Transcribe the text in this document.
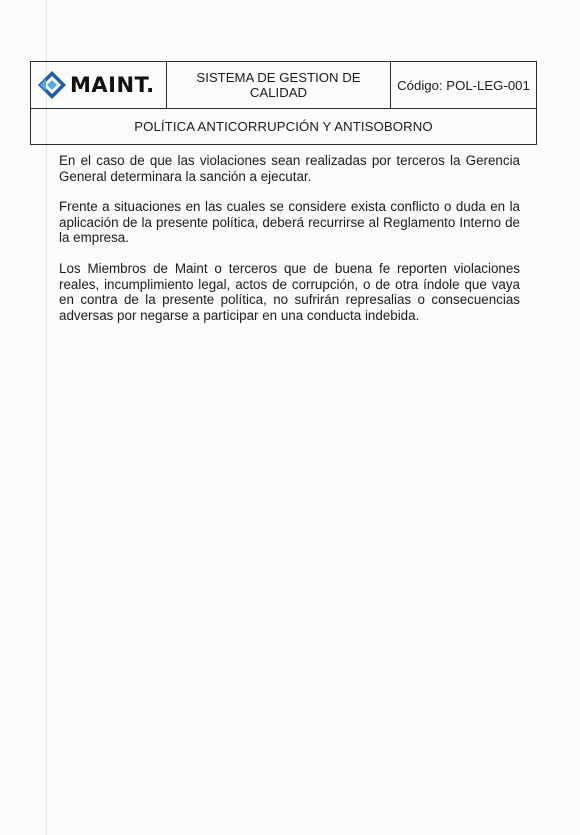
MAINT.	SISTEMA DE GESTION DE CALIDAD	Código: POL-LEG-001
POLÍTICA ANTICORRUPCIÓN Y ANTISOBORNO

En el caso de que las violaciones sean realizadas por terceros la Gerencia General determinara la sanción a ejecutar.

Frente a situaciones en las cuales se considere exista conflicto o duda en la aplicación de la presente política, deberá recurrirse al Reglamento Interno de la empresa.

Los Miembros de Maint o terceros que de buena fe reporten violaciones reales, incumplimiento legal, actos de corrupción, o de otra índole que vaya en contra de la presente política, no sufrirán represalias o consecuencias adversas por negarse a participar en una conducta indebida.
